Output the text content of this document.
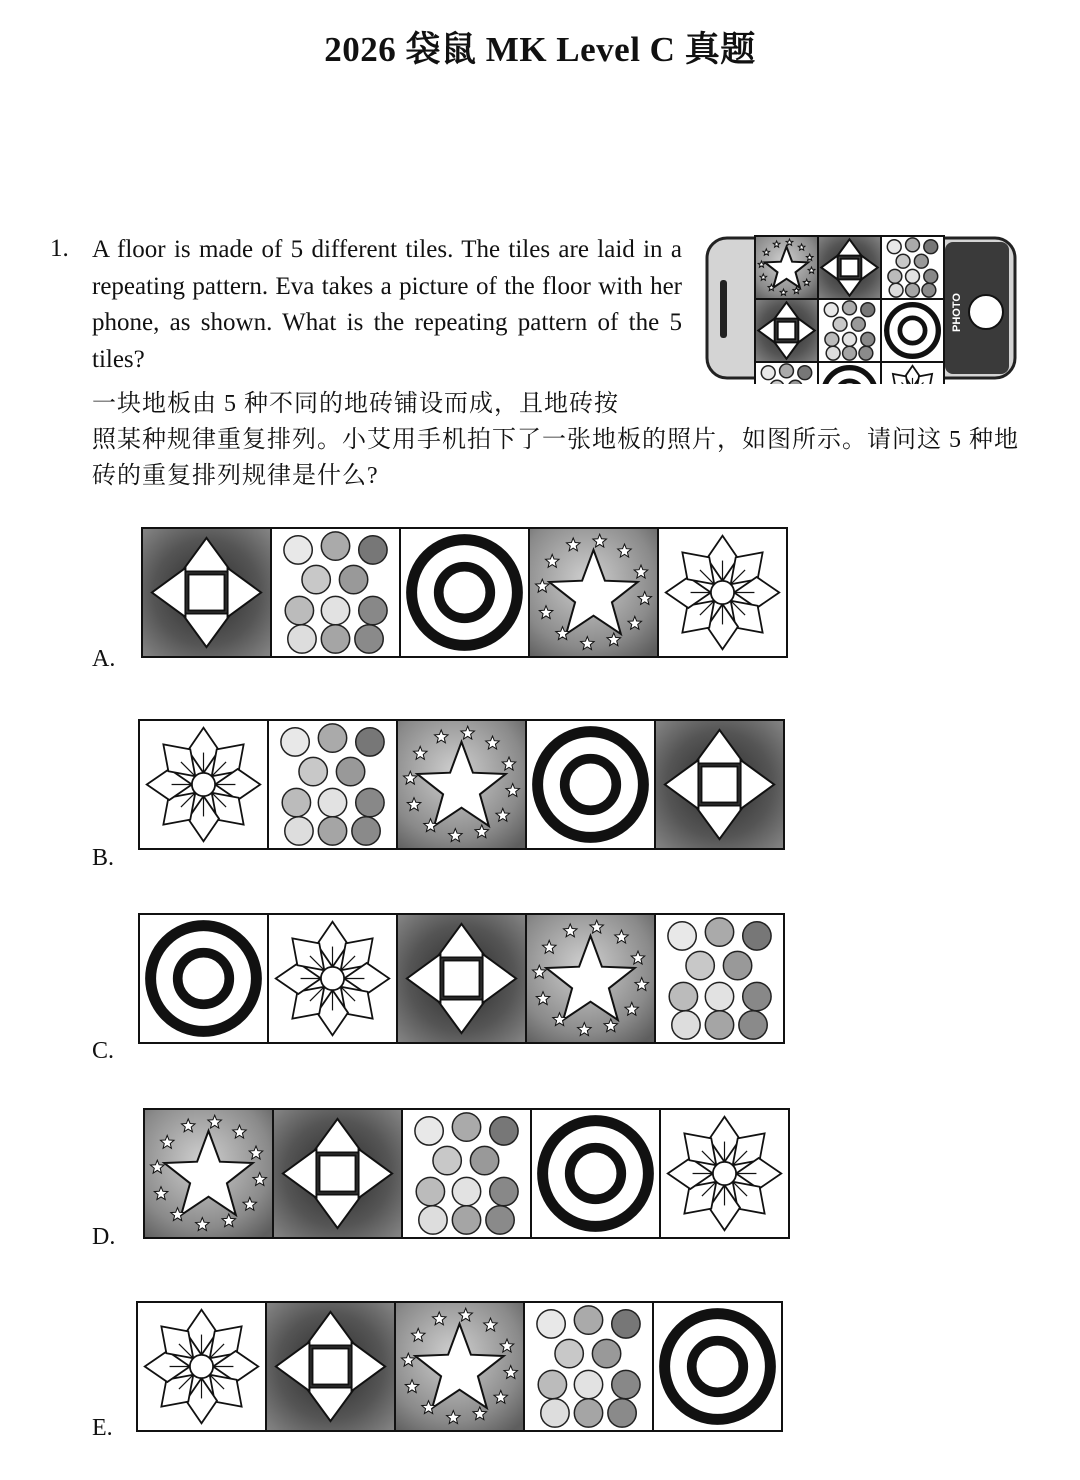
2026 袋鼠 MK Level C 真题
1. A floor is made of 5 different tiles. The tiles are laid in a repeating pattern. Eva takes a picture of the floor with her phone, as shown. What is the repeating pattern of the 5 tiles?
一块地板由 5 种不同的地砖铺设而成，且地砖按
照某种规律重复排列。小艾用手机拍下了一张地板的照片，如图所示。请问这 5 种地砖的重复排列规律是什么?
PHOTO
A.
B.
C.
D.
E.
